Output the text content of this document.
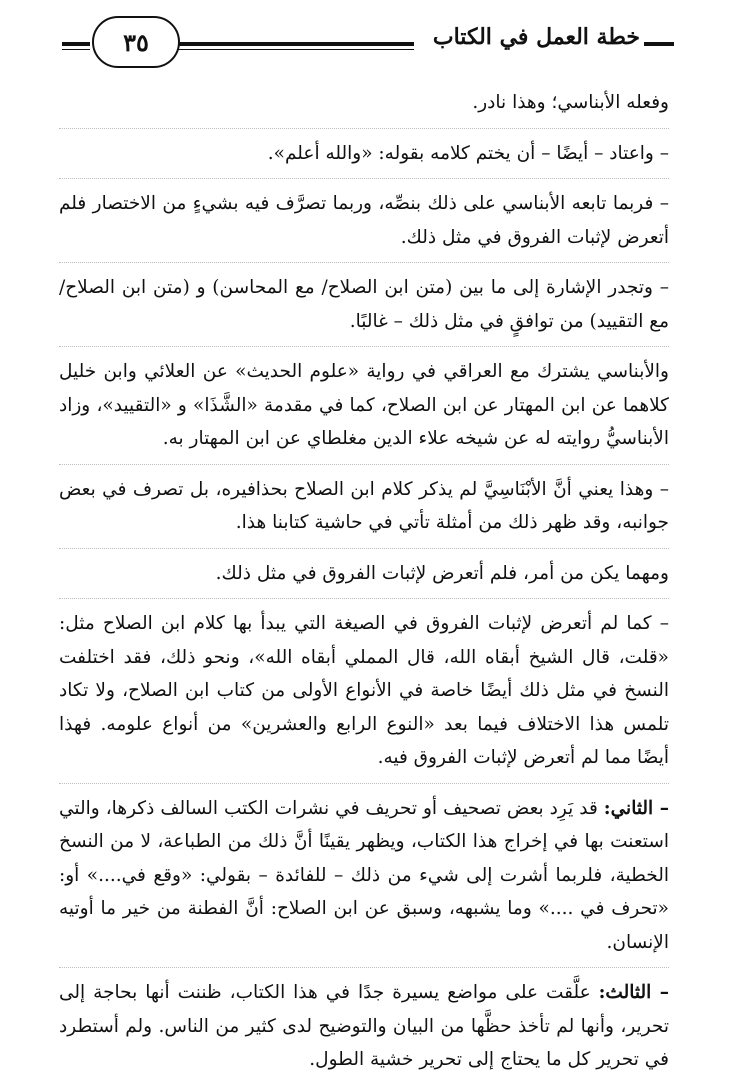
خطة العمل في الكتاب
٣٥

وفعله الأبناسي؛ وهذا نادر.

– واعتاد – أيضًا – أن يختم كلامه بقوله: «والله أعلم».

– فربما تابعه الأبناسي على ذلك بنصِّه، وربما تصرَّف فيه بشيءٍ من الاختصار فلم أتعرض لإثبات الفروق في مثل ذلك.

– وتجدر الإشارة إلى ما بين (متن ابن الصلاح/ مع المحاسن) و (متن ابن الصلاح/ مع التقييد) من توافقٍ في مثل ذلك – غالبًا.

والأبناسي يشترك مع العراقي في رواية «علوم الحديث» عن العلائي وابن خليل كلاهما عن ابن المهتار عن ابن الصلاح، كما في مقدمة «الشَّذَا» و «التقييد»، وزاد الأبناسيُّ روايته له عن شيخه علاء الدين مغلطاي عن ابن المهتار به.

– وهذا يعني أنَّ الأبْنَاسِيَّ لم يذكر كلام ابن الصلاح بحذافيره، بل تصرف في بعض جوانبه، وقد ظهر ذلك من أمثلة تأتي في حاشية كتابنا هذا.

ومهما يكن من أمر، فلم أتعرض لإثبات الفروق في مثل ذلك.

– كما لم أتعرض لإثبات الفروق في الصيغة التي يبدأ بها كلام ابن الصلاح مثل: «قلت، قال الشيخ أبقاه الله، قال المملي أبقاه الله»، ونحو ذلك، فقد اختلفت النسخ في مثل ذلك أيضًا خاصة في الأنواع الأولى من كتاب ابن الصلاح، ولا تكاد تلمس هذا الاختلاف فيما بعد «النوع الرابع والعشرين» من أنواع علومه. فهذا أيضًا مما لم أتعرض لإثبات الفروق فيه.

– الثاني: قد يَرِد بعض تصحيف أو تحريف في نشرات الكتب السالف ذكرها، والتي استعنت بها في إخراج هذا الكتاب، ويظهر يقينًا أنَّ ذلك من الطباعة، لا من النسخ الخطية، فلربما أشرت إلى شيء من ذلك – للفائدة – بقولي: «وقع في....» أو: «تحرف في ....» وما يشبهه، وسبق عن ابن الصلاح: أنَّ الفطنة من خير ما أوتيه الإنسان.

– الثالث: علَّقت على مواضع يسيرة جدًا في هذا الكتاب، ظننت أنها بحاجة إلى تحرير، وأنها لم تأخذ حظَّها من البيان والتوضيح لدى كثير من الناس. ولم أستطرد في تحرير كل ما يحتاج إلى تحرير خشية الطول.
